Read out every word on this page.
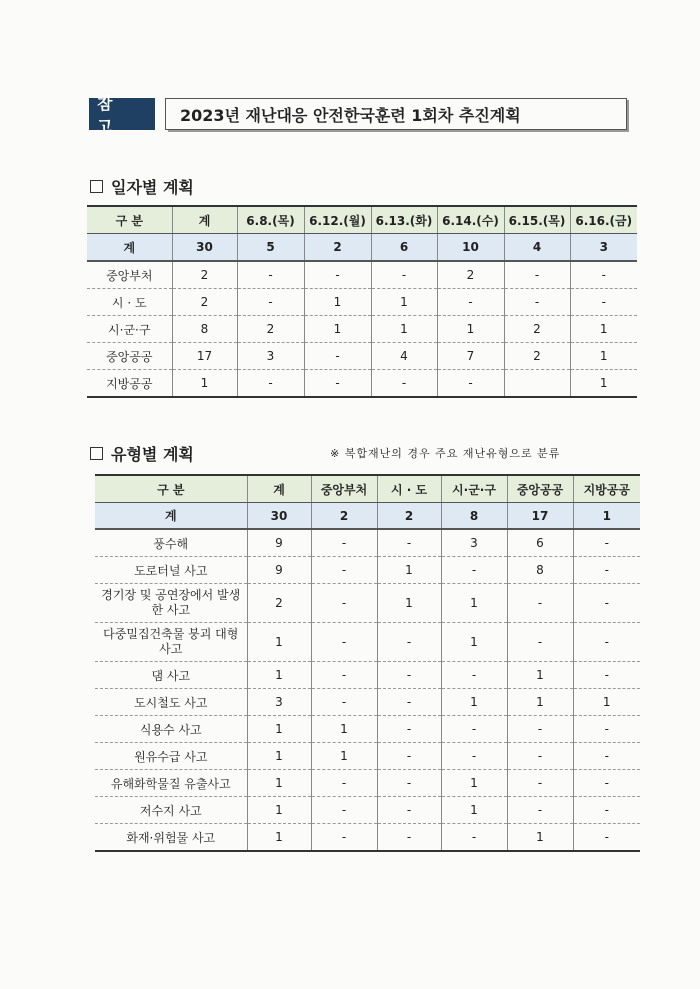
참 고
2023년 재난대응 안전한국훈련 1회차 추진계획
일자별 계획
구 분	계	6.8.(목)	6.12.(월)	6.13.(화)	6.14.(수)	6.15.(목)	6.16.(금)
계	30	5	2	6	10	4	3
중앙부처	2	-	-	-	2	-	-
시 · 도	2	-	1	1	-	-	-
시·군·구	8	2	1	1	1	2	1
중앙공공	17	3	-	4	7	2	1
지방공공	1	-	-	-	-		1
유형별 계획	※ 복합재난의 경우 주요 재난유형으로 분류
구 분	계	중앙부처	시 · 도	시·군·구	중앙공공	지방공공
계	30	2	2	8	17	1
풍수해	9	-	-	3	6	-
도로터널 사고	9	-	1	-	8	-
경기장 및 공연장에서 발생한 사고	2	-	1	1	-	-
다중밀집건축물 붕괴 대형사고	1	-	-	1	-	-
댐 사고	1	-	-	-	1	-
도시철도 사고	3	-	-	1	1	1
식용수 사고	1	1	-	-	-	-
원유수급 사고	1	1	-	-	-	-
유해화학물질 유출사고	1	-	-	1	-	-
저수지 사고	1	-	-	1	-	-
화재·위험물 사고	1	-	-	-	1	-
